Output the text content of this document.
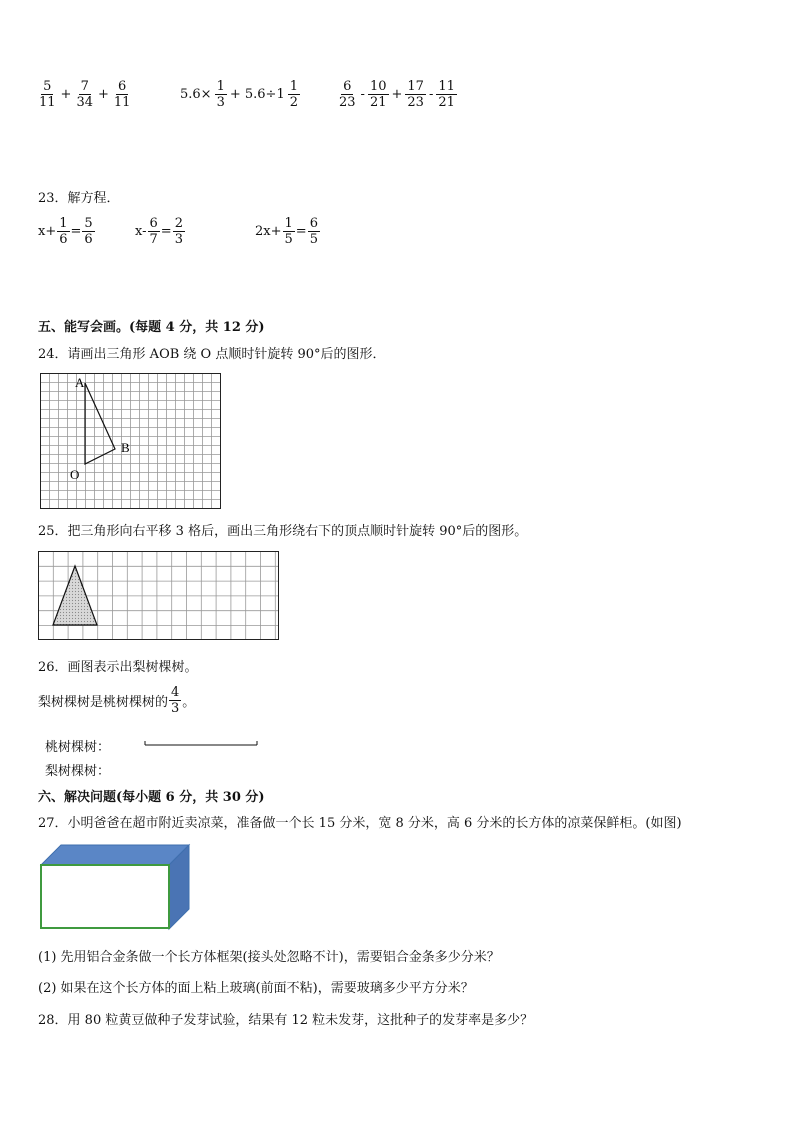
$\frac{5}{11} + \frac{7}{34} + \frac{6}{11}$	$5.6\times \frac{1}{3} + 5.6\div 1 \frac{1}{2}$	$\frac{6}{23} - \frac{10}{21} + \frac{17}{23} - \frac{11}{21}$
23．解方程．
$x+ \frac{1}{6} = \frac{5}{6}$	$x- \frac{6}{7} = \frac{2}{3}$	$2x+ \frac{1}{5} = \frac{6}{5}$
五、能写会画。(每题 4 分，共 12 分)
24．请画出三角形 AOB 绕 O 点顺时针旋转 90°后的图形．
A
B
O
25．把三角形向右平移 3 格后，画出三角形绕右下的顶点顺时针旋转 90°后的图形。
26．画图表示出梨树棵树。
梨树棵树是桃树棵树的 $\frac{4}{3}$ 。
桃树棵树：
梨树棵树：
六、解决问题(每小题 6 分，共 30 分)
27．小明爸爸在超市附近卖凉菜，准备做一个长 15 分米，宽 8 分米，高 6 分米的长方体的凉菜保鲜柜。(如图)
(1) 先用铝合金条做一个长方体框架(接头处忽略不计)，需要铝合金条多少分米？
(2) 如果在这个长方体的面上粘上玻璃(前面不粘)，需要玻璃多少平方分米？
28．用 80 粒黄豆做种子发芽试验，结果有 12 粒未发芽，这批种子的发芽率是多少？
